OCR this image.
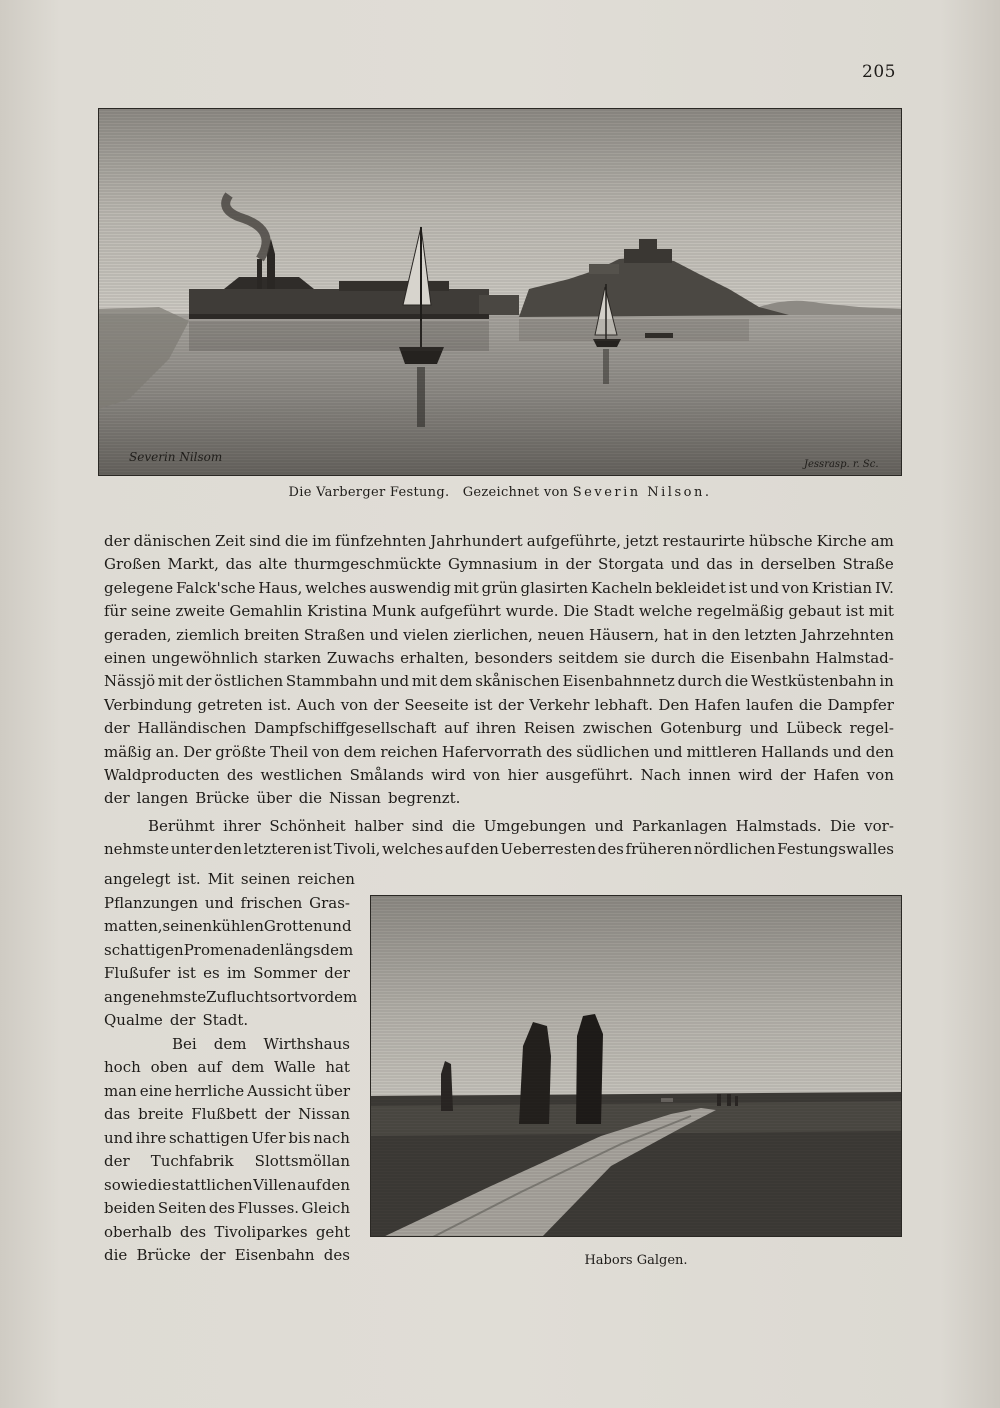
205
Severin Nilsom
Jessrasp. r. Sc.
Die Varberger Festung. Gezeichnet von Severin Nilson.
der dänischen Zeit sind die im fünfzehnten Jahrhundert aufgeführte, jetzt restaurirte hübsche Kirche am
Großen Markt, das alte thurmgeschmückte Gymnasium in der Storgata und das in derselben Straße
gelegene Falck'sche Haus, welches auswendig mit grün glasirten Kacheln bekleidet ist und von Kristian IV.
für seine zweite Gemahlin Kristina Munk aufgeführt wurde. Die Stadt welche regelmäßig gebaut ist mit
geraden, ziemlich breiten Straßen und vielen zierlichen, neuen Häusern, hat in den letzten Jahrzehnten
einen ungewöhnlich starken Zuwachs erhalten, besonders seitdem sie durch die Eisenbahn Halmstad-
Nässjö mit der östlichen Stammbahn und mit dem skånischen Eisenbahnnetz durch die Westküstenbahn in
Verbindung getreten ist. Auch von der Seeseite ist der Verkehr lebhaft. Den Hafen laufen die Dampfer
der Halländischen Dampfschiffgesellschaft auf ihren Reisen zwischen Gotenburg und Lübeck regel-
mäßig an. Der größte Theil von dem reichen Hafervorrath des südlichen und mittleren Hallands und den
Waldproducten des westlichen Smålands wird von hier ausgeführt. Nach innen wird der Hafen von
der langen Brücke über die Nissan begrenzt.
Berühmt ihrer Schönheit halber sind die Umgebungen und Parkanlagen Halmstads. Die vor-
nehmste unter den letzteren ist Tivoli, welches auf den Ueberresten des früheren nördlichen Festungswalles
angelegt ist. Mit seinen reichen
Pflanzungen und frischen Gras-
matten, seinen kühlen Grotten und
schattigen Promenaden längs dem
Flußufer ist es im Sommer der
angenehmste Zufluchtsort vor dem
Qualme der Stadt.
Bei dem Wirthshaus
hoch oben auf dem Walle hat
man eine herrliche Aussicht über
das breite Flußbett der Nissan
und ihre schattigen Ufer bis nach
der Tuchfabrik Slottsmöllan
sowie die stattlichen Villen auf den
beiden Seiten des Flusses. Gleich
oberhalb des Tivoliparkes geht
die Brücke der Eisenbahn des	Habors Galgen.
